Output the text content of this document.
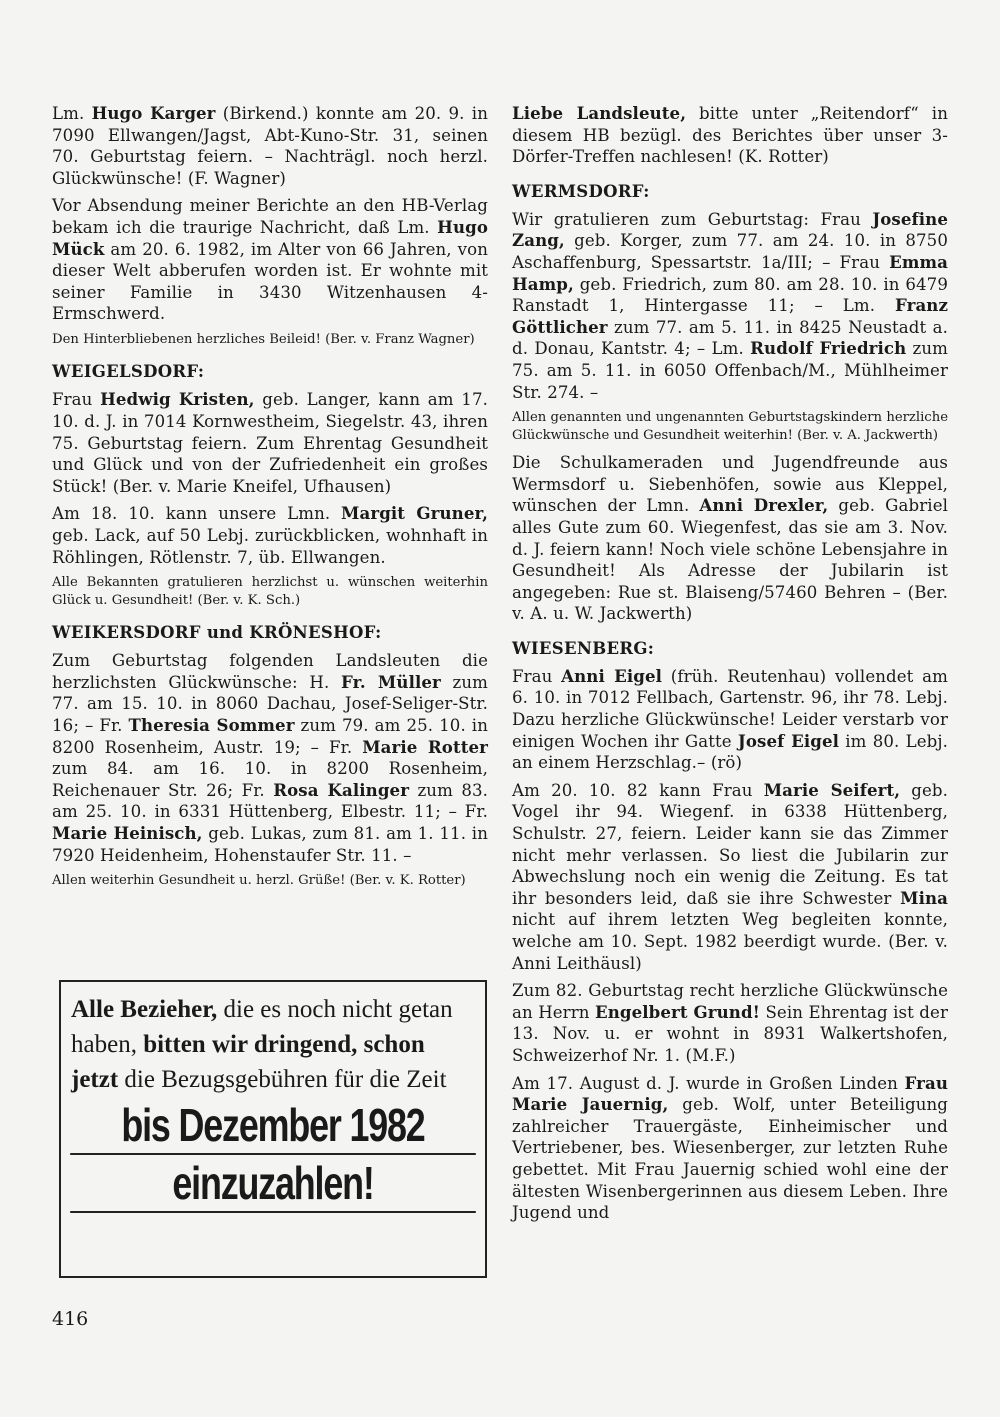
Lm. Hugo Karger (Birkend.) konnte am 20. 9. in 7090 Ellwangen/Jagst, Abt-Kuno-Str. 31, seinen 70. Geburtstag feiern. – Nachträgl. noch herzl. Glückwünsche! (F. Wagner)
Vor Absendung meiner Berichte an den HB-Verlag bekam ich die traurige Nachricht, daß Lm. Hugo Mück am 20. 6. 1982, im Alter von 66 Jahren, von dieser Welt abberufen worden ist. Er wohnte mit seiner Familie in 3430 Witzenhausen 4-Ermschwerd.
Den Hinterbliebenen herzliches Beileid! (Ber. v. Franz Wagner)
WEIGELSDORF:
Frau Hedwig Kristen, geb. Langer, kann am 17. 10. d. J. in 7014 Kornwestheim, Siegelstr. 43, ihren 75. Geburtstag feiern. Zum Ehrentag Gesundheit und Glück und von der Zufriedenheit ein großes Stück! (Ber. v. Marie Kneifel, Ufhausen)
Am 18. 10. kann unsere Lmn. Margit Gruner, geb. Lack, auf 50 Lebj. zurückblicken, wohnhaft in Röhlingen, Rötlenstr. 7, üb. Ellwangen.
Alle Bekannten gratulieren herzlichst u. wünschen weiterhin Glück u. Gesundheit! (Ber. v. K. Sch.)
WEIKERSDORF und KRÖNESHOF:
Zum Geburtstag folgenden Landsleuten die herzlichsten Glückwünsche: H. Fr. Müller zum 77. am 15. 10. in 8060 Dachau, Josef-Seliger-Str. 16; – Fr. Theresia Sommer zum 79. am 25. 10. in 8200 Rosenheim, Austr. 19; – Fr. Marie Rotter zum 84. am 16. 10. in 8200 Rosenheim, Reichenauer Str. 26; Fr. Rosa Kalinger zum 83. am 25. 10. in 6331 Hüttenberg, Elbestr. 11; – Fr. Marie Heinisch, geb. Lukas, zum 81. am 1. 11. in 7920 Heidenheim, Hohenstaufer Str. 11. –
Allen weiterhin Gesundheit u. herzl. Grüße! (Ber. v. K. Rotter)
Liebe Landsleute, bitte unter „Reitendorf“ in diesem HB bezügl. des Berichtes über unser 3-Dörfer-Treffen nachlesen! (K. Rotter)
WERMSDORF:
Wir gratulieren zum Geburtstag: Frau Josefine Zang, geb. Korger, zum 77. am 24. 10. in 8750 Aschaffenburg, Spessartstr. 1a/III; – Frau Emma Hamp, geb. Friedrich, zum 80. am 28. 10. in 6479 Ranstadt 1, Hintergasse 11; – Lm. Franz Göttlicher zum 77. am 5. 11. in 8425 Neustadt a. d. Donau, Kantstr. 4; – Lm. Rudolf Friedrich zum 75. am 5. 11. in 6050 Offenbach/M., Mühlheimer Str. 274. –
Allen genannten und ungenannten Geburtstagskindern herzliche Glückwünsche und Gesundheit weiterhin! (Ber. v. A. Jackwerth)
Die Schulkameraden und Jugendfreunde aus Wermsdorf u. Siebenhöfen, sowie aus Kleppel, wünschen der Lmn. Anni Drexler, geb. Gabriel alles Gute zum 60. Wiegenfest, das sie am 3. Nov. d. J. feiern kann! Noch viele schöne Lebensjahre in Gesundheit! Als Adresse der Jubilarin ist angegeben: Rue st. Blaiseng/57460 Behren – (Ber. v. A. u. W. Jackwerth)
WIESENBERG:
Frau Anni Eigel (früh. Reutenhau) vollendet am 6. 10. in 7012 Fellbach, Gartenstr. 96, ihr 78. Lebj. Dazu herzliche Glückwünsche! Leider verstarb vor einigen Wochen ihr Gatte Josef Eigel im 80. Lebj. an einem Herzschlag.– (rö)
Am 20. 10. 82 kann Frau Marie Seifert, geb. Vogel ihr 94. Wiegenf. in 6338 Hüttenberg, Schulstr. 27, feiern. Leider kann sie das Zimmer nicht mehr verlassen. So liest die Jubilarin zur Abwechslung noch ein wenig die Zeitung. Es tat ihr besonders leid, daß sie ihre Schwester Mina nicht auf ihrem letzten Weg begleiten konnte, welche am 10. Sept. 1982 beerdigt wurde. (Ber. v. Anni Leithäusl)
Zum 82. Geburtstag recht herzliche Glückwünsche an Herrn Engelbert Grund! Sein Ehrentag ist der 13. Nov. u. er wohnt in 8931 Walkertshofen, Schweizerhof Nr. 1. (M.F.)
Am 17. August d. J. wurde in Großen Linden Frau Marie Jauernig, geb. Wolf, unter Beteiligung zahlreicher Trauergäste, Einheimischer und Vertriebener, bes. Wiesenberger, zur letzten Ruhe gebettet. Mit Frau Jauernig schied wohl eine der ältesten Wisenbergerinnen aus diesem Leben. Ihre Jugend und
Alle Bezieher, die es noch nicht getan haben, bitten wir dringend, schon jetzt die Bezugsgebühren für die Zeit
bis Dezember 1982
einzuzahlen!
416
